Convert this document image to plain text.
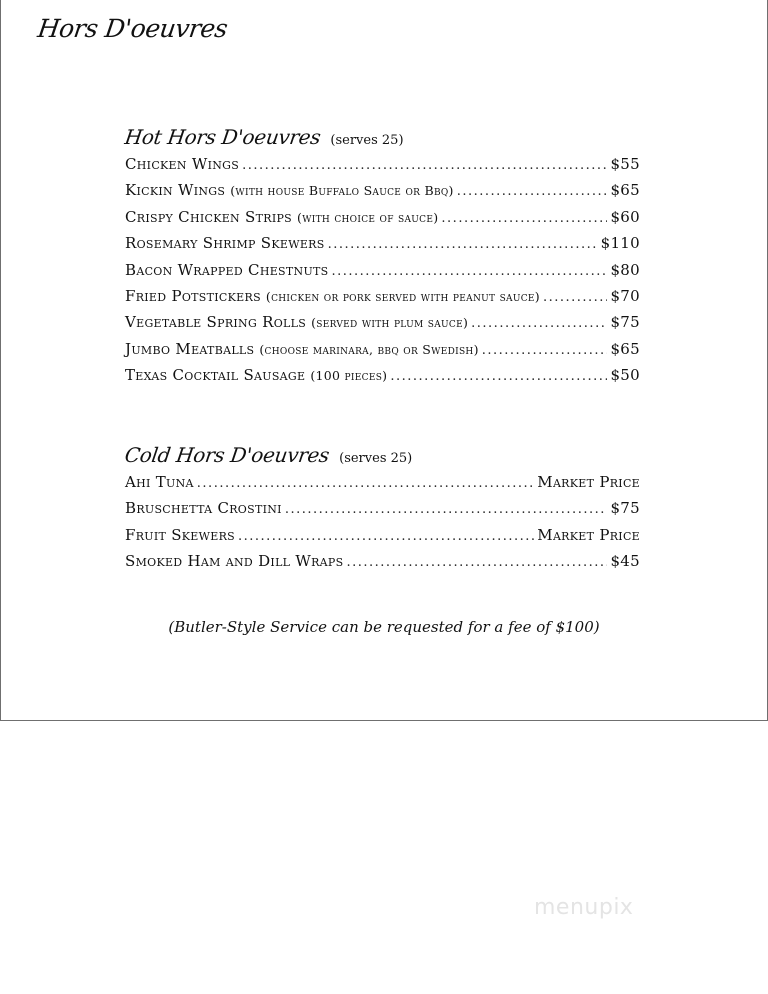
Hors D'oeuvres
Hot Hors D'oeuvres (serves 25)
Chicken Wings .....	$55
Kickin Wings (with house Buffalo Sauce or Bbq) .....	$65
Crispy Chicken Strips (with choice of sauce) .....	$60
Rosemary Shrimp Skewers .....	$110
Bacon Wrapped Chestnuts .....	$80
Fried Potstickers (chicken or pork served with peanut sauce) .....	$70
Vegetable Spring Rolls (served with plum sauce) .....	$75
Jumbo Meatballs (choose marinara, bbq or Swedish) .....	$65
Texas Cocktail Sausage (100 pieces) .....	$50
Cold Hors D'oeuvres (serves 25)
Ahi Tuna .....	Market Price
Bruschetta Crostini .....	$75
Fruit Skewers .....	Market Price
Smoked Ham and Dill Wraps .....	$45

(Butler-Style Service can be requested for a fee of $100)

menupix
